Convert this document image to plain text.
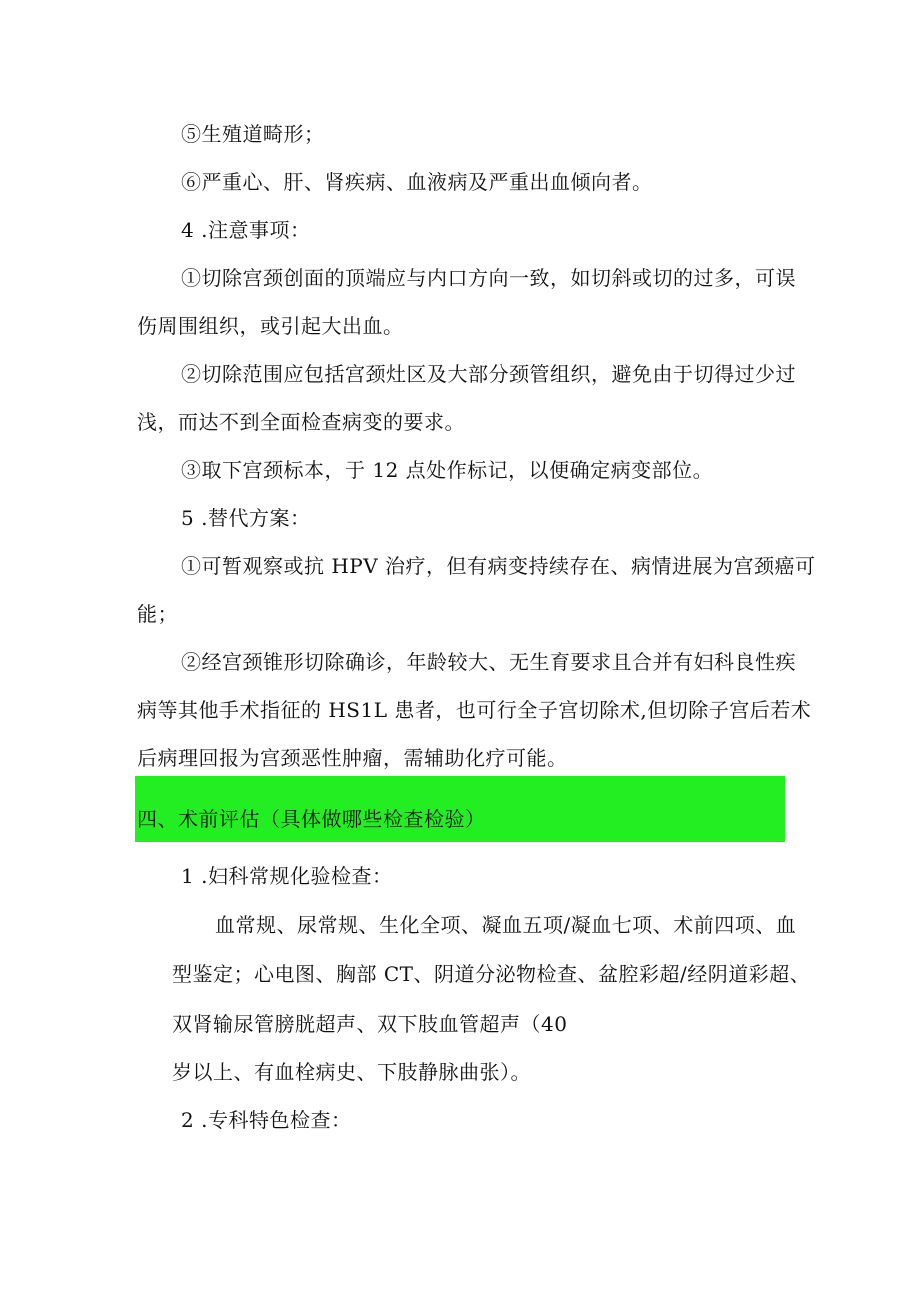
⑤生殖道畸形；
⑥严重心、肝、肾疾病、血液病及严重出血倾向者。
4 .注意事项：
①切除宫颈创面的顶端应与内口方向一致，如切斜或切的过多，可误
伤周围组织，或引起大出血。
②切除范围应包括宫颈灶区及大部分颈管组织，避免由于切得过少过
浅，而达不到全面检查病变的要求。
③取下宫颈标本，于 12 点处作标记，以便确定病变部位。
5 .替代方案：
①可暂观察或抗 HPV 治疗，但有病变持续存在、病情进展为宫颈癌可
能；
②经宫颈锥形切除确诊，年龄较大、无生育要求且合并有妇科良性疾
病等其他手术指征的 HS1L 患者，也可行全子宫切除术,但切除子宫后若术
后病理回报为宫颈恶性肿瘤，需辅助化疗可能。
四、术前评估（具体做哪些检查检验）
1 .妇科常规化验检查：
血常规、尿常规、生化全项、凝血五项/凝血七项、术前四项、血
型鉴定；心电图、胸部 CT、阴道分泌物检查、盆腔彩超/经阴道彩超、
双肾输尿管膀胱超声、双下肢血管超声（40
岁以上、有血栓病史、下肢静脉曲张）。
2 .专科特色检查：
